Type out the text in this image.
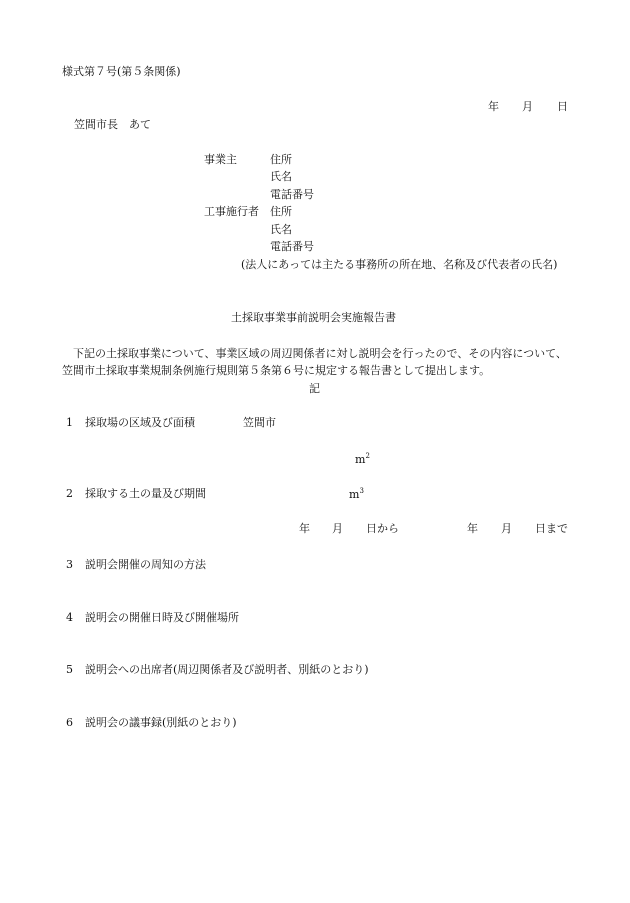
様式第７号(第５条関係)
年 月 日
笠間市長　あて
事業主	住所
氏名
電話番号
工事施行者 住所
氏名
電話番号
(法人にあっては主たる事務所の所在地、名称及び代表者の氏名)
土採取事業事前説明会実施報告書
下記の土採取事業について、事業区域の周辺関係者に対し説明会を行ったので、その内容について、
笠間市土採取事業規制条例施行規則第５条第６号に規定する報告書として提出します。
記
1 採取場の区域及び面積	笠間市
$m^2$
2 採取する土の量及び期間	$m^3$
年 月 日から	年 月 日まで
3 説明会開催の周知の方法
4 説明会の開催日時及び開催場所
5 説明会への出席者(周辺関係者及び説明者、別紙のとおり)
6 説明会の議事録(別紙のとおり)
